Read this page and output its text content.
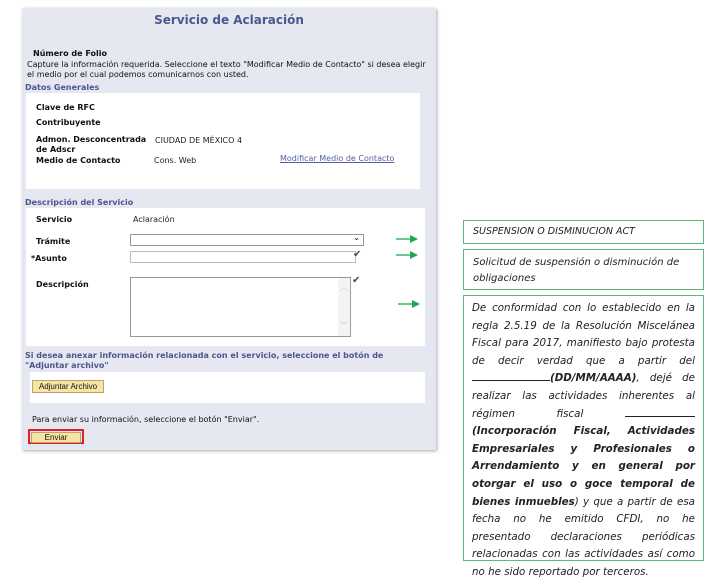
Servicio de Aclaración
Número de Folio
Capture la información requerida. Seleccione el texto "Modificar Medio de Contacto" si desea elegir el medio por el cual podemos comunicarnos con usted.
Datos Generales
Clave de RFC
Contribuyente
Admon. Desconcentrada de Adscr
CIUDAD DE MÉXICO 4
Medio de Contacto	Cons. Web	Modificar Medio de Contacto
Descripción del Servicio
Servicio	Aclaración
Trámite	⌄
*Asunto	✔
Descripción	︿
﹀
✔
Si desea anexar información relacionada con el servicio, seleccione el botón de "Adjuntar archivo"
Adjuntar Archivo
Para enviar su información, seleccione el botón "Enviar".
Enviar
SUSPENSION O DISMINUCION ACT
Solicitud de suspensión o disminución de obligaciones
De conformidad con lo establecido en la regla 2.5.19 de la Resolución Miscelánea Fiscal para 2017, manifiesto bajo protesta de decir verdad que a partir del (DD/MM/AAAA), dejé de realizar las actividades inherentes al régimen fiscal  (Incorporación Fiscal, Actividades Empresariales y Profesionales o Arrendamiento y en general por otorgar el uso o goce temporal de bienes inmuebles) y que a partir de esa fecha no he emitido CFDI, no he presentado declaraciones periódicas relacionadas con las actividades así como no he sido reportado por terceros.
